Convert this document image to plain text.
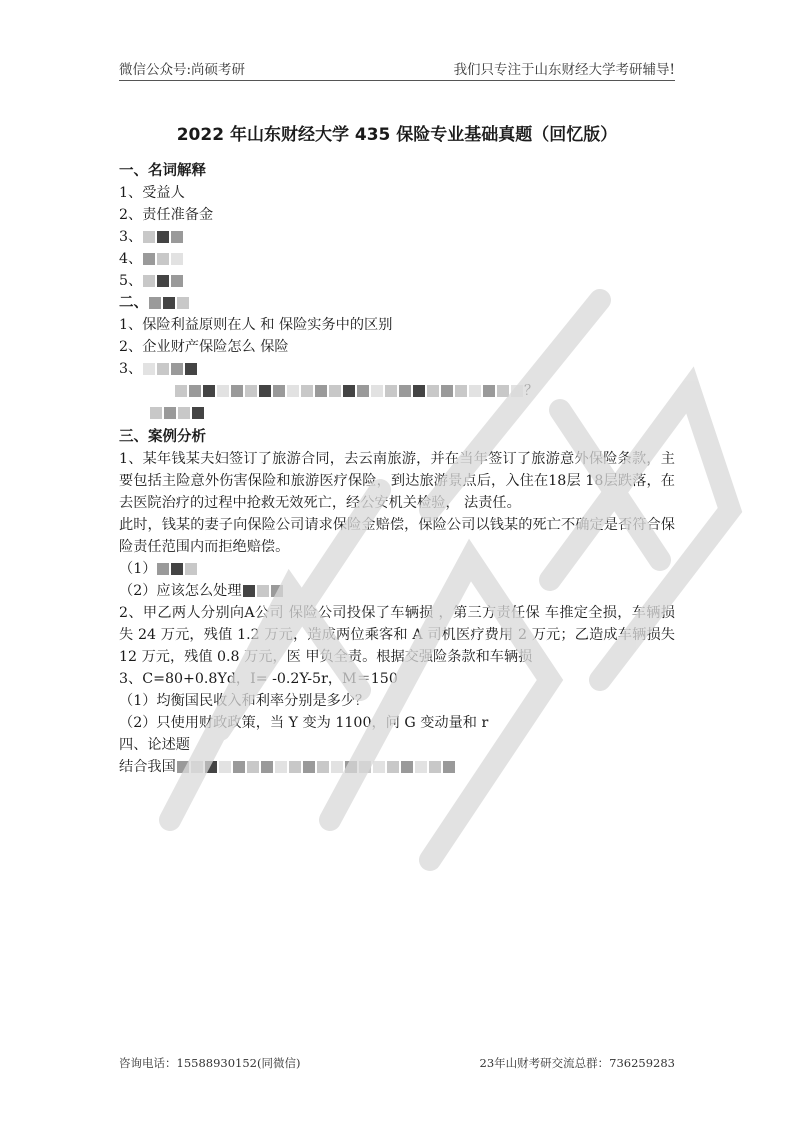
微信公众号:尚硕考研	我们只专注于山东财经大学考研辅导!
2022 年山东财经大学 435 保险专业基础真题（回忆版）
一、名词解释
1、受益人
2、责任准备金
3、
4、
5、
二、
1、保险利益原则在人 和 保险实务中的区别
2、企业财产保险怎么 保险
3、
？
三、案例分析
1、某年钱某夫妇签订了旅游合同，去云南旅游，并在当年签订了旅游意外保险条款，主要包括主险意外伤害保险和旅游医疗保险，到达旅游景点后，入住在18层 18层跌落，在去医院治疗的过程中抢救无效死亡，经公安机关检验， 法责任。
此时，钱某的妻子向保险公司请求保险金赔偿，保险公司以钱某的死亡不确定是否符合保险责任范围内而拒绝赔偿。
（1）
（2）应该怎么处理
2、甲乙两人分别向A公司 保险公司投保了车辆损 ，第三方责任保 车推定全损，车辆损失 24 万元，残值 1.2 万元，造成两位乘客和 A 司机医疗费用 2 万元；乙造成车辆损失 12 万元，残值 0.8 万元，医 甲负全责。根据交强险条款和车辆损
3、C=80+0.8Yd，I= -0.2Y-5r，M＝150
（1）均衡国民收入和利率分别是多少？
（2）只使用财政政策，当 Y 变为 1100，问 G 变动量和 r
四、论述题
结合我国
咨询电话：15588930152(同微信)	23年山财考研交流总群：736259283
